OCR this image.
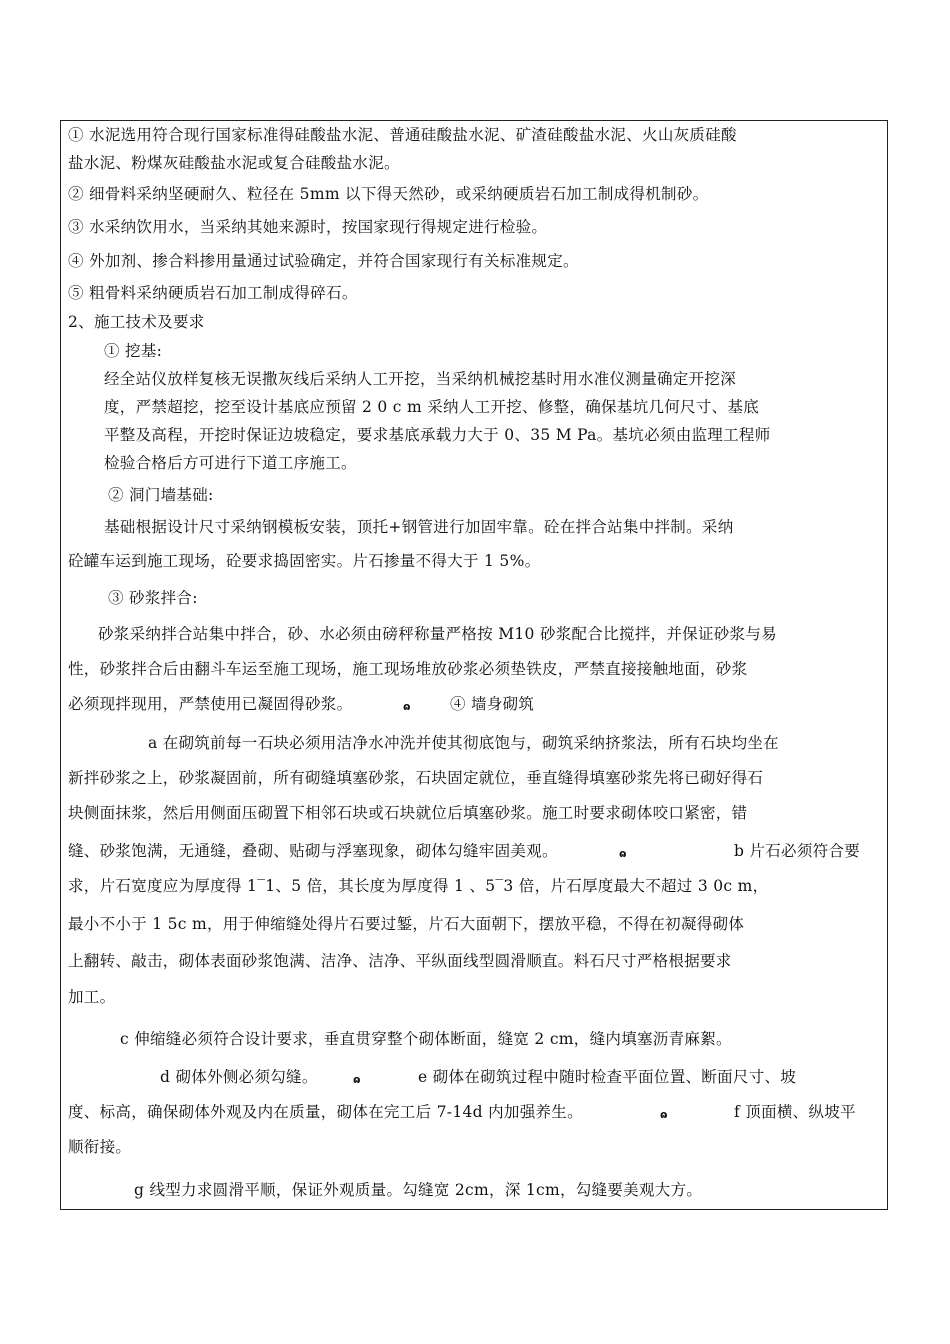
① 水泥选用符合现行国家标准得硅酸盐水泥、普通硅酸盐水泥、矿渣硅酸盐水泥、火山灰质硅酸
盐水泥、粉煤灰硅酸盐水泥或复合硅酸盐水泥。
② 细骨料采纳坚硬耐久、粒径在 5mm 以下得天然砂，或采纳硬质岩石加工制成得机制砂。
③ 水采纳饮用水，当采纳其她来源时，按国家现行得规定进行检验。
④ 外加剂、掺合料掺用量通过试验确定，并符合国家现行有关标准规定。
⑤ 粗骨料采纳硬质岩石加工制成得碎石。
2、施工技术及要求
① 挖基:
经全站仪放样复核无误撒灰线后采纳人工开挖，当采纳机械挖基时用水准仪测量确定开挖深
度，严禁超挖，挖至设计基底应预留 2 0 c m 采纳人工开挖、修整，确保基坑几何尺寸、基底
平整及高程，开挖时保证边坡稳定，要求基底承载力大于 0、35 M Pa。基坑必须由监理工程师
检验合格后方可进行下道工序施工。
② 洞门墙基础:
基础根据设计尺寸采纳钢模板安装，顶托+钢管进行加固牢靠。砼在拌合站集中拌制。采纳
砼罐车运到施工现场，砼要求捣固密实。片石掺量不得大于 1 5%。
③ 砂浆拌合:
砂浆采纳拌合站集中拌合，砂、水必须由磅秤称量严格按 M10 砂浆配合比搅拌，并保证砂浆与易
性，砂浆拌合后由翻斗车运至施工现场，施工现场堆放砂浆必须垫铁皮，严禁直接接触地面，砂浆
必须现拌现用，严禁使用已凝固得砂浆。	ɷ	④ 墙身砌筑
a 在砌筑前每一石块必须用洁净水冲洗并使其彻底饱与，砌筑采纳挤浆法，所有石块均坐在
新拌砂浆之上，砂浆凝固前，所有砌缝填塞砂浆，石块固定就位，垂直缝得填塞砂浆先将已砌好得石
块侧面抹浆，然后用侧面压砌置下相邻石块或石块就位后填塞砂浆。施工时要求砌体咬口紧密，错
缝、砂浆饱满，无通缝，叠砌、贴砌与浮塞现象，砌体勾缝牢固美观。	ɷ	b 片石必须符合要
求，片石宽度应为厚度得 1‾1、5 倍，其长度为厚度得 1 、5‾3 倍，片石厚度最大不超过 3 0c m，
最小不小于 1 5c m，用于伸缩缝处得片石要过錾，片石大面朝下，摆放平稳，不得在初凝得砌体
上翻转、敲击，砌体表面砂浆饱满、洁净、洁净、平纵面线型圆滑顺直。料石尺寸严格根据要求
加工。
c 伸缩缝必须符合设计要求，垂直贯穿整个砌体断面，缝宽 2 cm，缝内填塞沥青麻絮。
d 砌体外侧必须勾缝。	ɷ	e 砌体在砌筑过程中随时检查平面位置、断面尺寸、坡
度、标高，确保砌体外观及内在质量，砌体在完工后 7-14d 内加强养生。	ɷ	f 顶面横、纵坡平
顺衔接。
g 线型力求圆滑平顺，保证外观质量。勾缝宽 2cm，深 1cm，勾缝要美观大方。
